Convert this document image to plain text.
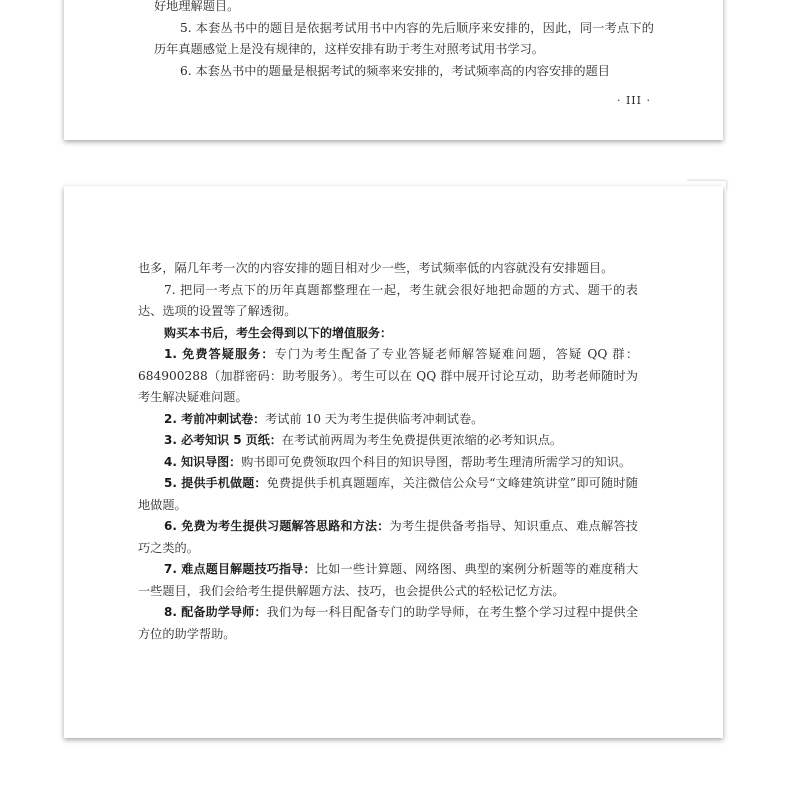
好地理解题目。

5. 本套丛书中的题目是依据考试用书中内容的先后顺序来安排的，因此，同一考点下的历年真题感觉上是没有规律的，这样安排有助于考生对照考试用书学习。

6. 本套丛书中的题量是根据考试的频率来安排的，考试频率高的内容安排的题目

· III ·

也多，隔几年考一次的内容安排的题目相对少一些，考试频率低的内容就没有安排题目。

7. 把同一考点下的历年真题都整理在一起，考生就会很好地把命题的方式、题干的表达、选项的设置等了解透彻。

购买本书后，考生会得到以下的增值服务：

1. 免费答疑服务：专门为考生配备了专业答疑老师解答疑难问题，答疑 QQ 群：684900288（加群密码：助考服务）。考生可以在 QQ 群中展开讨论互动，助考老师随时为考生解决疑难问题。

2. 考前冲刺试卷：考试前 10 天为考生提供临考冲刺试卷。

3. 必考知识 5 页纸：在考试前两周为考生免费提供更浓缩的必考知识点。

4. 知识导图：购书即可免费领取四个科目的知识导图，帮助考生理清所需学习的知识。

5. 提供手机做题：免费提供手机真题题库，关注微信公众号“文峰建筑讲堂”即可随时随地做题。

6. 免费为考生提供习题解答思路和方法：为考生提供备考指导、知识重点、难点解答技巧之类的。

7. 难点题目解题技巧指导：比如一些计算题、网络图、典型的案例分析题等的难度稍大一些题目，我们会给考生提供解题方法、技巧，也会提供公式的轻松记忆方法。

8. 配备助学导师：我们为每一科目配备专门的助学导师，在考生整个学习过程中提供全方位的助学帮助。
